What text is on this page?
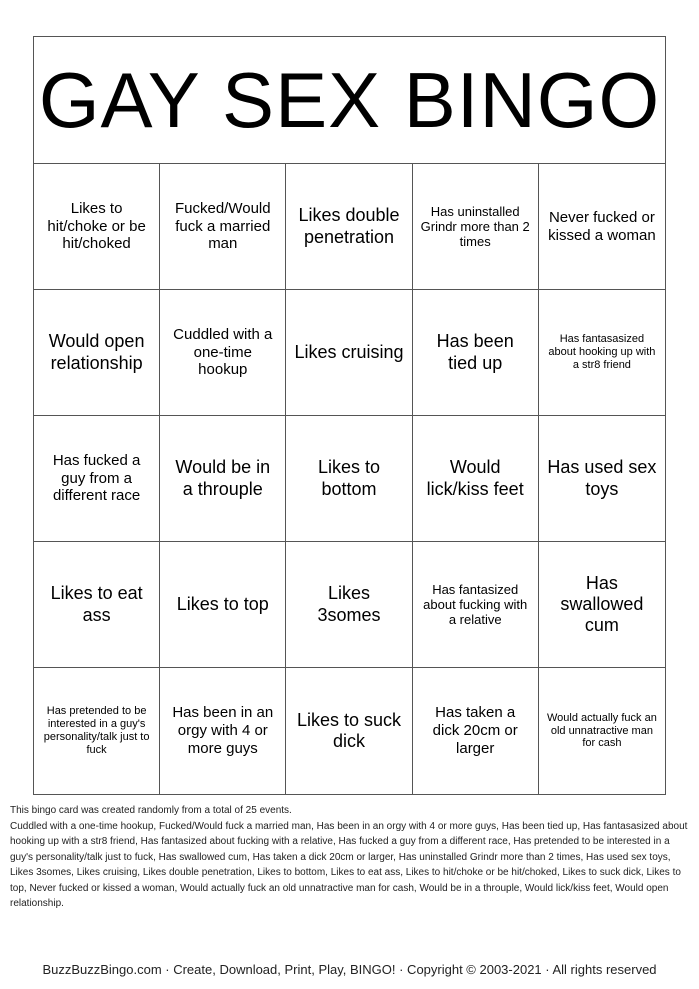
GAY SEX BINGO
Likes to hit/choke or be hit/choked
Fucked/Would fuck a married man
Likes double penetration
Has uninstalled Grindr more than 2 times
Never fucked or kissed a woman
Would open relationship
Cuddled with a one-time hookup
Likes cruising
Has been tied up
Has fantasasized about hooking up with a str8 friend
Has fucked a guy from a different race
Would be in a throuple
Likes to bottom
Would lick/kiss feet
Has used sex toys
Likes to eat ass
Likes to top
Likes 3somes
Has fantasized about fucking with a relative
Has swallowed cum
Has pretended to be interested in a guy's personality/talk just to fuck
Has been in an orgy with 4 or more guys
Likes to suck dick
Has taken a dick 20cm or larger
Would actually fuck an old unnatractive man for cash
This bingo card was created randomly from a total of 25 events.
Cuddled with a one-time hookup, Fucked/Would fuck a married man, Has been in an orgy with 4 or more guys, Has been tied up, Has fantasasized about hooking up with a str8 friend, Has fantasized about fucking with a relative, Has fucked a guy from a different race, Has pretended to be interested in a guy's personality/talk just to fuck, Has swallowed cum, Has taken a dick 20cm or larger, Has uninstalled Grindr more than 2 times, Has used sex toys, Likes 3somes, Likes cruising, Likes double penetration, Likes to bottom, Likes to eat ass, Likes to hit/choke or be hit/choked, Likes to suck dick, Likes to top, Never fucked or kissed a woman, Would actually fuck an old unnatractive man for cash, Would be in a throuple, Would lick/kiss feet, Would open relationship.
BuzzBuzzBingo.com · Create, Download, Print, Play, BINGO! · Copyright © 2003-2021 · All rights reserved
